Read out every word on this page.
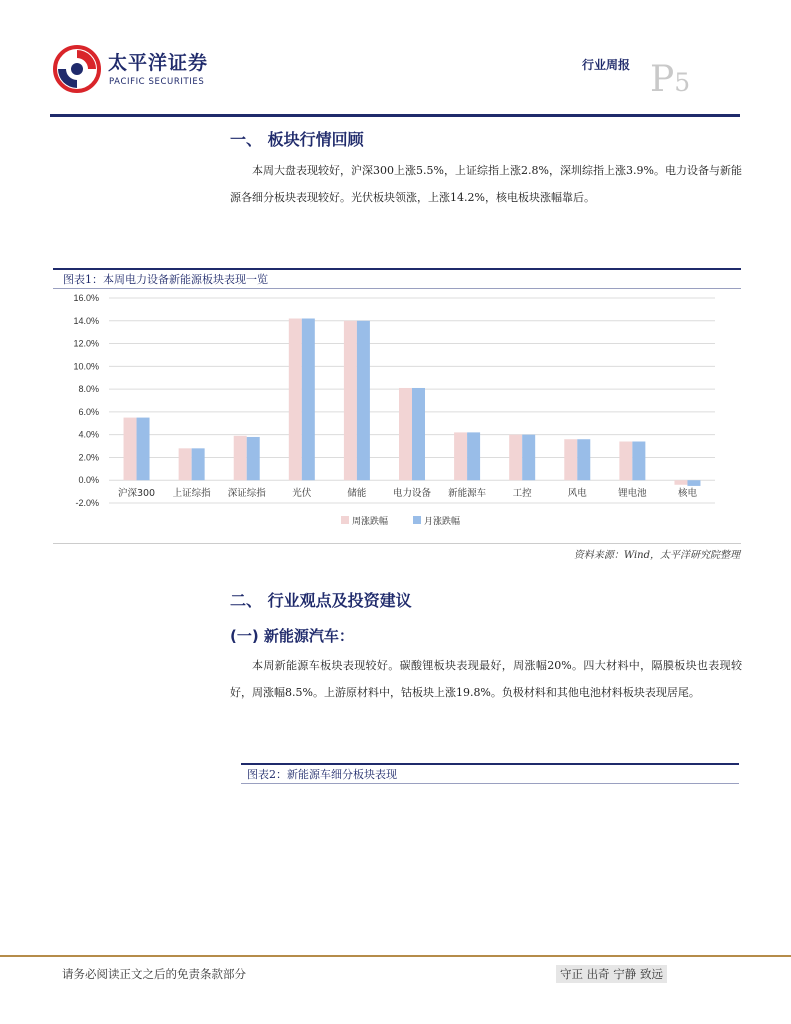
太平洋证券
PACIFIC SECURITIES
行业周报 P5
一、 板块行情回顾
本周大盘表现较好，沪深300上涨5.5%，上证综指上涨2.8%，深圳综指上涨3.9%。电力设备与新能源各细分板块表现较好。光伏板块领涨，上涨14.2%，核电板块涨幅靠后。
图表1：本周电力设备新能源板块表现一览
-2.0%
0.0%
2.0%
4.0%
6.0%
8.0%
10.0%
12.0%
14.0%
16.0%
沪深300 上证综指 深证综指	光伏	储能	电力设备 新能源车	工控	风电	锂电池	核电
周涨跌幅	月涨跌幅
资料来源：Wind，太平洋研究院整理
二、 行业观点及投资建议
(一) 新能源汽车：
本周新能源车板块表现较好。碳酸锂板块表现最好，周涨幅20%。四大材料中，隔膜板块也表现较好，周涨幅8.5%。上游原材料中，钴板块上涨19.8%。负极材料和其他电池材料板块表现居尾。
图表2：新能源车细分板块表现
请务必阅读正文之后的免责条款部分	守正 出奇 宁静 致远
